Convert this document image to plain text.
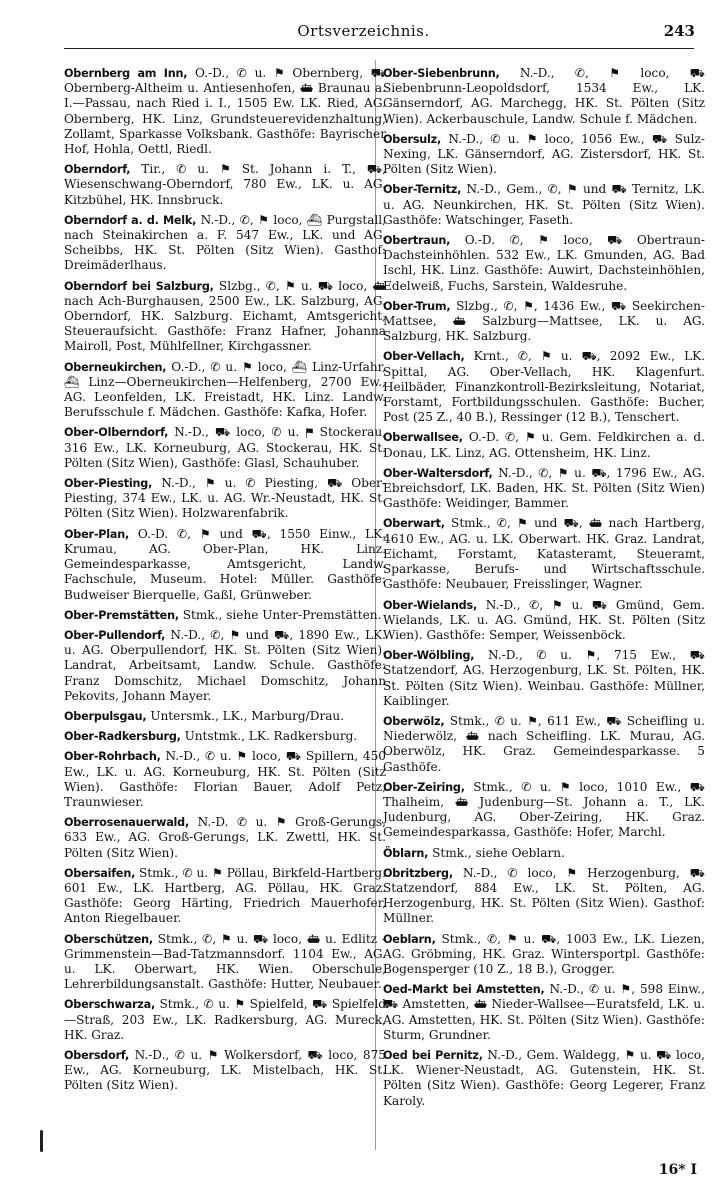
Ortsverzeichnis.	243
Obernberg am Inn, O.-D., ✆ u. ⚑ Obernberg, ⛟ Obernberg-Altheim u. Antiesenhofen, ⛴ Braunau a. I.—Passau, nach Ried i. I., 1505 Ew. LK. Ried, AG. Obernberg, HK. Linz, Grundsteuerevidenzhaltung, Zollamt, Sparkasse Volksbank. Gasthöfe: Bayrischer Hof, Hohla, Oettl, Riedl.
Oberndorf, Tir., ✆ u. ⚑ St. Johann i. T., ⛟, Wiesenschwang-Oberndorf, 780 Ew., LK. u. AG. Kitzbühel, HK. Innsbruck.
Oberndorf a. d. Melk, N.-D., ✆, ⚑ loco, ⛴ Purgstall, nach Steinakirchen a. F. 547 Ew., LK. und AG. Scheibbs, HK. St. Pölten (Sitz Wien). Gasthof: Dreimäderlhaus.
Oberndorf bei Salzburg, Slzbg., ✆, ⚑ u. ⛟ loco, ⛴ nach Ach-Burghausen, 2500 Ew., LK. Salzburg, AG. Oberndorf, HK. Salzburg. Eichamt, Amtsgericht, Steueraufsicht. Gasthöfe: Franz Hafner, Johanna Mairoll, Post, Mühlfellner, Kirchgassner.
Oberneukirchen, O.-D., ✆ u. ⚑ loco, ⛴ Linz-Urfahr, ⛴ Linz—Oberneukirchen—Helfenberg, 2700 Ew., AG. Leonfelden, LK. Freistadt, HK. Linz. Landw. Berufsschule f. Mädchen. Gasthöfe: Kafka, Hofer.
Ober-Olberndorf, N.-D., ⛟ loco, ✆ u. ⚑ Stockerau, 316 Ew., LK. Korneuburg, AG. Stockerau, HK. St. Pölten (Sitz Wien), Gasthöfe: Glasl, Schauhuber.
Ober-Piesting, N.-D., ⚑ u. ✆ Piesting, ⛟ Ober-Piesting, 374 Ew., LK. u. AG. Wr.-Neustadt, HK. St. Pölten (Sitz Wien). Holzwarenfabrik.
Ober-Plan, O.-D. ✆, ⚑ und ⛟, 1550 Einw., LK. Krumau, AG. Ober-Plan, HK. Linz. Gemeindesparkasse, Amtsgericht, Landw. Fachschule, Museum. Hotel: Müller. Gasthöfe: Budweiser Bierquelle, Gaßl, Grünweber.
Ober-Premstätten, Stmk., siehe Unter-Premstätten.
Ober-Pullendorf, N.-D., ✆, ⚑ und ⛟, 1890 Ew., LK. u. AG. Oberpullendorf, HK. St. Pölten (Sitz Wien). Landrat, Arbeitsamt, Landw. Schule. Gasthöfe: Franz Domschitz, Michael Domschitz, Johann Pekovits, Johann Mayer.
Oberpulsgau, Untersmk., LK., Marburg/Drau.
Ober-Radkersburg, Untstmk., LK. Radkersburg.
Ober-Rohrbach, N.-D., ✆ u. ⚑ loco, ⛟ Spillern, 450 Ew., LK. u. AG. Korneuburg, HK. St. Pölten (Sitz Wien). Gasthöfe: Florian Bauer, Adolf Petz, Traunwieser.
Oberrosenauerwald, N.-D. ✆ u. ⚑ Groß-Gerungs, 633 Ew., AG. Groß-Gerungs, LK. Zwettl, HK. St. Pölten (Sitz Wien).
Obersaifen, Stmk., ✆ u. ⚑ Pöllau, Birkfeld-Hartberg. 601 Ew., LK. Hartberg, AG. Pöllau, HK. Graz. Gasthöfe: Georg Härting, Friedrich Mauerhofer, Anton Riegelbauer.
Oberschützen, Stmk., ✆, ⚑ u. ⛟ loco, ⛴ u. Edlitz - Grimmenstein—Bad-Tatzmannsdorf. 1104 Ew., AG. u. LK. Oberwart, HK. Wien. Oberschule, Lehrerbildungsanstalt. Gasthöfe: Hutter, Neubauer.
Oberschwarza, Stmk., ✆ u. ⚑ Spielfeld, ⛟ Spielfeld—Straß, 203 Ew., LK. Radkersburg, AG. Mureck, HK. Graz.
Obersdorf, N.-D., ✆ u. ⚑ Wolkersdorf, ⛟ loco, 875 Ew., AG. Korneuburg, LK. Mistelbach, HK. St. Pölten (Sitz Wien).
Ober-Siebenbrunn, N.-D., ✆, ⚑ loco, ⛟ Siebenbrunn-Leopoldsdorf, 1534 Ew., LK. Gänserndorf, AG. Marchegg, HK. St. Pölten (Sitz Wien). Ackerbauschule, Landw. Schule f. Mädchen.
Obersulz, N.-D., ✆ u. ⚑ loco, 1056 Ew., ⛟ Sulz-Nexing, LK. Gänserndorf, AG. Zistersdorf, HK. St. Pölten (Sitz Wien).
Ober-Ternitz, N.-D., Gem., ✆, ⚑ und ⛟ Ternitz, LK. u. AG. Neunkirchen, HK. St. Pölten (Sitz Wien). Gasthöfe: Watschinger, Faseth.
Obertraun, O.-D. ✆, ⚑ loco, ⛟ Obertraun-Dachsteinhöhlen. 532 Ew., LK. Gmunden, AG. Bad Ischl, HK. Linz. Gasthöfe: Auwirt, Dachsteinhöhlen, Edelweiß, Fuchs, Sarstein, Waldesruhe.
Ober-Trum, Slzbg., ✆, ⚑, 1436 Ew., ⛟ Seekirchen-Mattsee, ⛴ Salzburg—Mattsee, LK. u. AG. Salzburg, HK. Salzburg.
Ober-Vellach, Krnt., ✆, ⚑ u. ⛟, 2092 Ew., LK. Spittal, AG. Ober-Vellach, HK. Klagenfurt. Heilbäder, Finanzkontroll-Bezirksleitung, Notariat, Forstamt, Fortbildungsschulen. Gasthöfe: Bucher, Post (25 Z., 40 B.), Ressinger (12 B.), Tenschert.
Oberwallsee, O.-D. ✆, ⚑ u. Gem. Feldkirchen a. d. Donau, LK. Linz, AG. Ottensheim, HK. Linz.
Ober-Waltersdorf, N.-D., ✆, ⚑ u. ⛟, 1796 Ew., AG. Ebreichsdorf, LK. Baden, HK. St. Pölten (Sitz Wien) Gasthöfe: Weidinger, Bammer.
Oberwart, Stmk., ✆, ⚑ und ⛟, ⛴ nach Hartberg, 4610 Ew., AG. u. LK. Oberwart. HK. Graz. Landrat, Eichamt, Forstamt, Katasteramt, Steueramt, Sparkasse, Berufs- und Wirtschaftsschule. Gasthöfe: Neubauer, Freisslinger, Wagner.
Ober-Wielands, N.-D., ✆, ⚑ u. ⛟ Gmünd, Gem. Wielands, LK. u. AG. Gmünd, HK. St. Pölten (Sitz Wien). Gasthöfe: Semper, Weissenböck.
Ober-Wölbling, N.-D., ✆ u. ⚑, 715 Ew., ⛟ Statzendorf, AG. Herzogenburg, LK. St. Pölten, HK. St. Pölten (Sitz Wien). Weinbau. Gasthöfe: Müllner, Kaiblinger.
Oberwölz, Stmk., ✆ u. ⚑, 611 Ew., ⛟ Scheifling u. Niederwölz, ⛴ nach Scheifling. LK. Murau, AG. Oberwölz, HK. Graz. Gemeindesparkasse. 5 Gasthöfe.
Ober-Zeiring, Stmk., ✆ u. ⚑ loco, 1010 Ew., ⛟ Thalheim, ⛴ Judenburg—St. Johann a. T., LK. Judenburg, AG. Ober-Zeiring, HK. Graz. Gemeindesparkassa, Gasthöfe: Hofer, Marchl.
Öblarn, Stmk., siehe Oeblarn.
Obritzberg, N.-D., ✆ loco, ⚑ Herzogenburg, ⛟ Statzendorf, 884 Ew., LK. St. Pölten, AG. Herzogenburg, HK. St. Pölten (Sitz Wien). Gasthof: Müllner.
Oeblarn, Stmk., ✆, ⚑ u. ⛟, 1003 Ew., LK. Liezen, AG. Gröbming, HK. Graz. Wintersportpl. Gasthöfe: Bogensperger (10 Z., 18 B.), Grogger.
Oed-Markt bei Amstetten, N.-D., ✆ u. ⚑, 598 Einw., ⛟ Amstetten, ⛴ Nieder-Wallsee—Euratsfeld, LK. u. AG. Amstetten, HK. St. Pölten (Sitz Wien). Gasthöfe: Sturm, Grundner.
Oed bei Pernitz, N.-D., Gem. Waldegg, ⚑ u. ⛟ loco, LK. Wiener-Neustadt, AG. Gutenstein, HK. St. Pölten (Sitz Wien). Gasthöfe: Georg Legerer, Franz Karoly.
16* I
